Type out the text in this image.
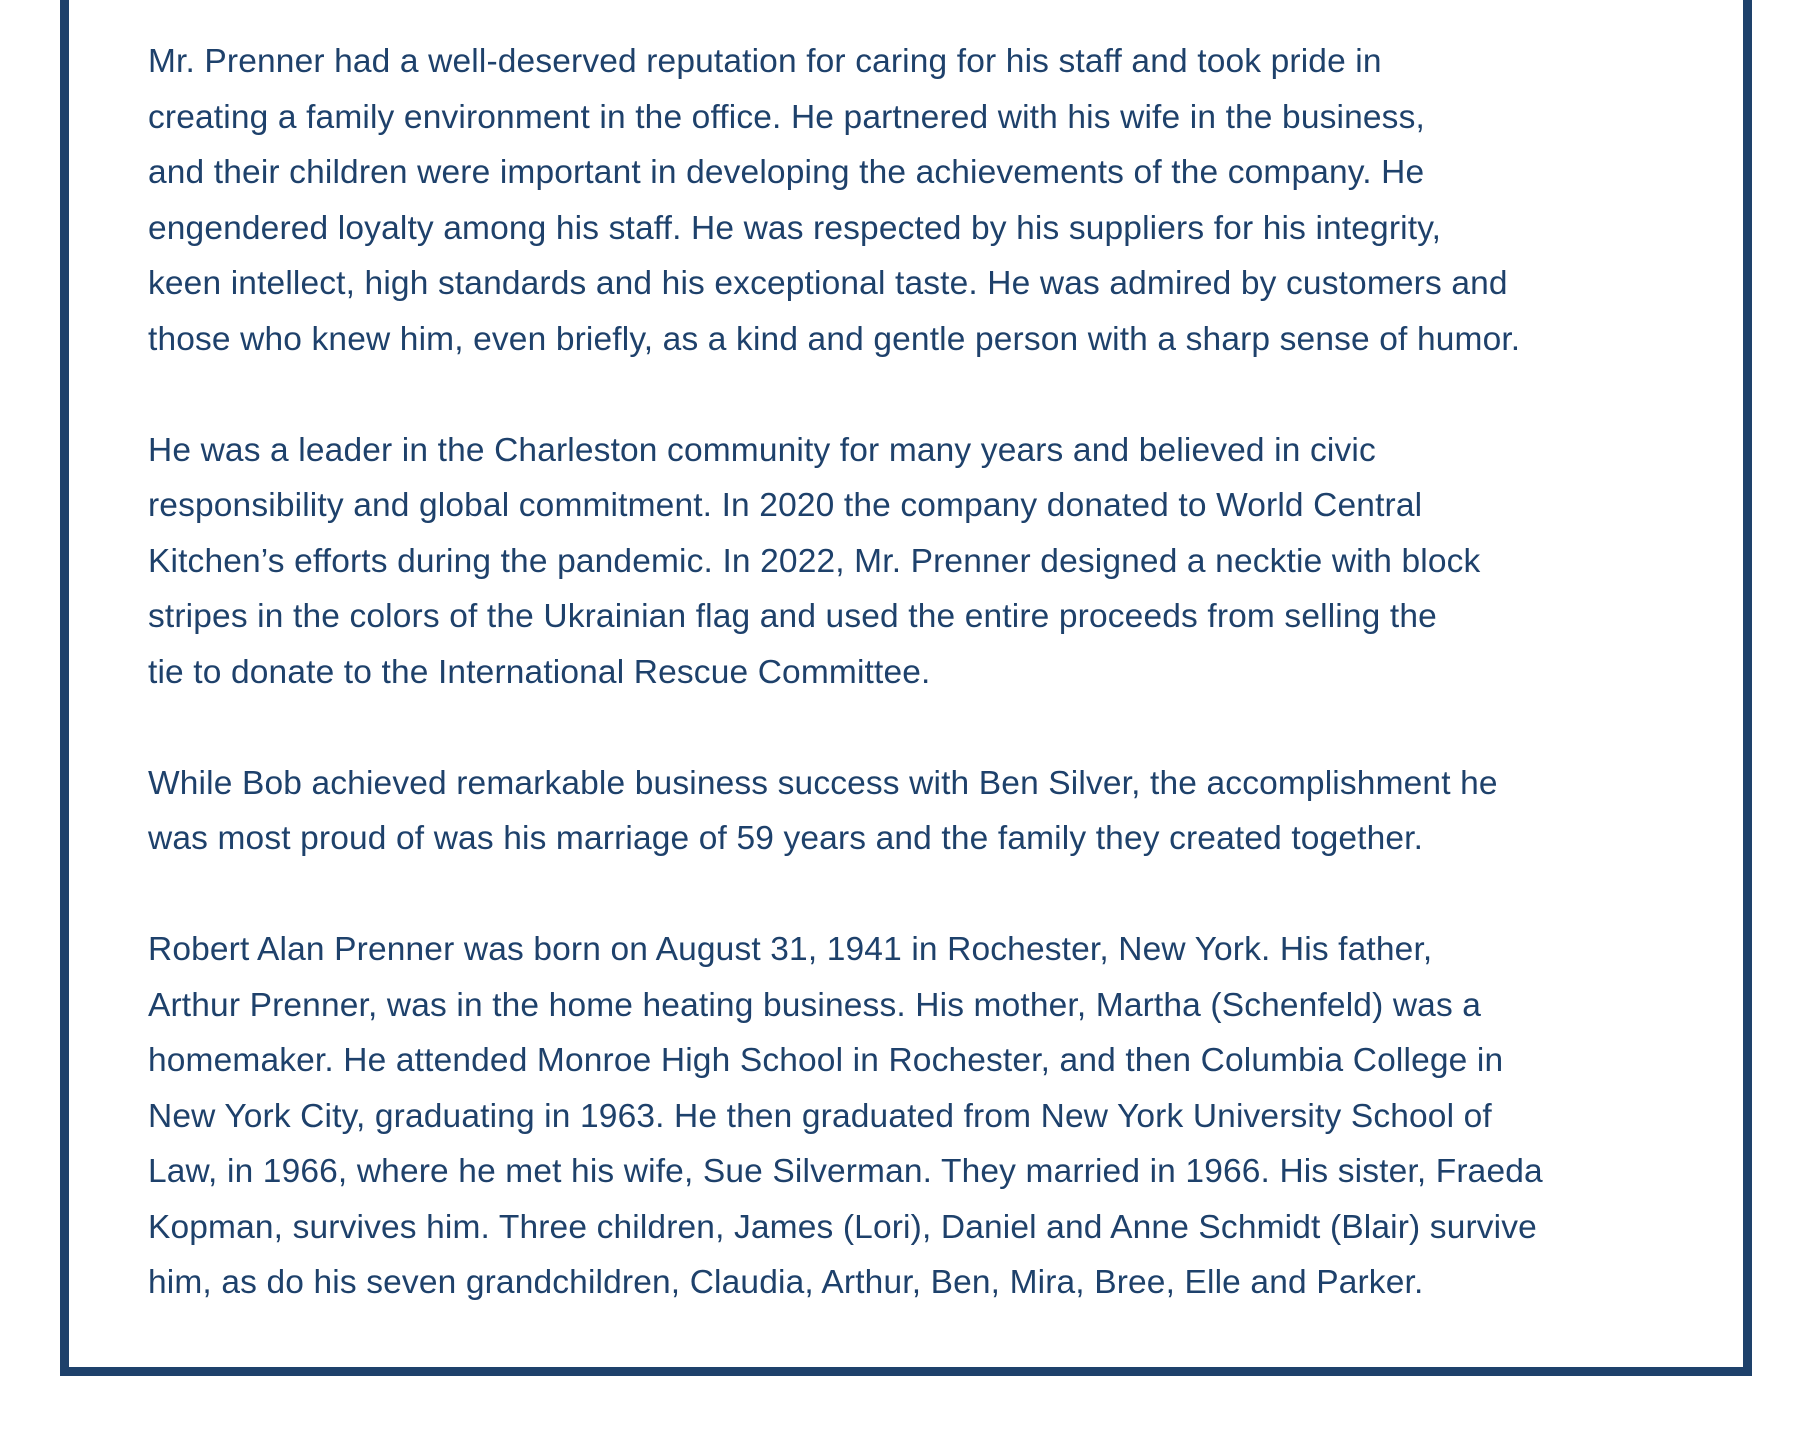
Mr. Prenner had a well-deserved reputation for caring for his staff and took pride in
creating a family environment in the office. He partnered with his wife in the business,
and their children were important in developing the achievements of the company. He
engendered loyalty among his staff. He was respected by his suppliers for his integrity,
keen intellect, high standards and his exceptional taste. He was admired by customers and
those who knew him, even briefly, as a kind and gentle person with a sharp sense of humor.
He was a leader in the Charleston community for many years and believed in civic
responsibility and global commitment. In 2020 the company donated to World Central
Kitchen’s efforts during the pandemic. In 2022, Mr. Prenner designed a necktie with block
stripes in the colors of the Ukrainian flag and used the entire proceeds from selling the
tie to donate to the International Rescue Committee.
While Bob achieved remarkable business success with Ben Silver, the accomplishment he
was most proud of was his marriage of 59 years and the family they created together.
Robert Alan Prenner was born on August 31, 1941 in Rochester, New York. His father,
Arthur Prenner, was in the home heating business. His mother, Martha (Schenfeld) was a
homemaker. He attended Monroe High School in Rochester, and then Columbia College in
New York City, graduating in 1963. He then graduated from New York University School of
Law, in 1966, where he met his wife, Sue Silverman. They married in 1966. His sister, Fraeda
Kopman, survives him. Three children, James (Lori), Daniel and Anne Schmidt (Blair) survive
him, as do his seven grandchildren, Claudia, Arthur, Ben, Mira, Bree, Elle and Parker.
